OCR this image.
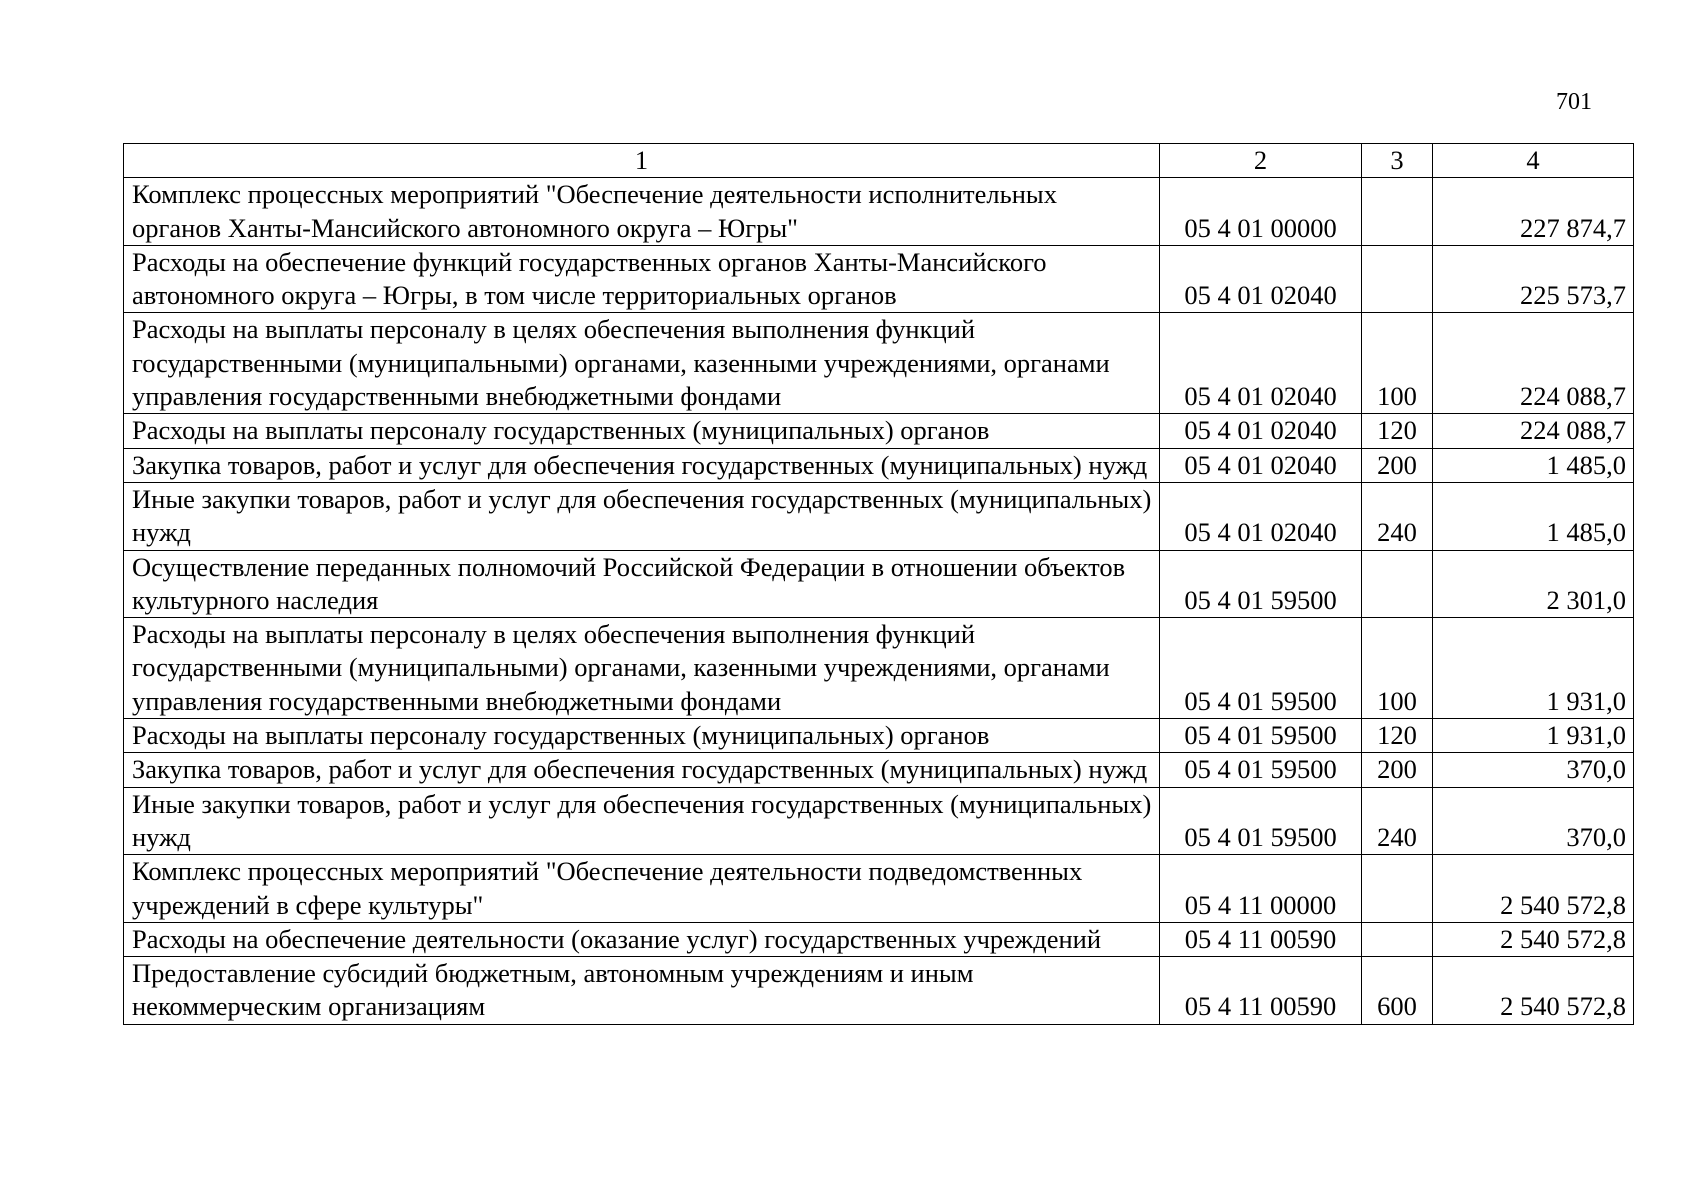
701
1	2	3	4
Комплекс процессных мероприятий "Обеспечение деятельности исполнительных органов Ханты-Мансийского автономного округа – Югры"	05 4 01 00000		227 874,7
Расходы на обеспечение функций государственных органов Ханты-Мансийского автономного округа – Югры, в том числе территориальных органов	05 4 01 02040		225 573,7
Расходы на выплаты персоналу в целях обеспечения выполнения функций государственными (муниципальными) органами, казенными учреждениями, органами управления государственными внебюджетными фондами	05 4 01 02040	100	224 088,7
Расходы на выплаты персоналу государственных (муниципальных) органов	05 4 01 02040	120	224 088,7
Закупка товаров, работ и услуг для обеспечения государственных (муниципальных) нужд	05 4 01 02040	200	1 485,0
Иные закупки товаров, работ и услуг для обеспечения государственных (муниципальных) нужд	05 4 01 02040	240	1 485,0
Осуществление переданных полномочий Российской Федерации в отношении объектов культурного наследия	05 4 01 59500		2 301,0
Расходы на выплаты персоналу в целях обеспечения выполнения функций государственными (муниципальными) органами, казенными учреждениями, органами управления государственными внебюджетными фондами	05 4 01 59500	100	1 931,0
Расходы на выплаты персоналу государственных (муниципальных) органов	05 4 01 59500	120	1 931,0
Закупка товаров, работ и услуг для обеспечения государственных (муниципальных) нужд	05 4 01 59500	200	370,0
Иные закупки товаров, работ и услуг для обеспечения государственных (муниципальных) нужд	05 4 01 59500	240	370,0
Комплекс процессных мероприятий "Обеспечение деятельности подведомственных учреждений в сфере культуры"	05 4 11 00000		2 540 572,8
Расходы на обеспечение деятельности (оказание услуг) государственных учреждений	05 4 11 00590		2 540 572,8
Предоставление субсидий бюджетным, автономным учреждениям и иным некоммерческим организациям	05 4 11 00590	600	2 540 572,8
